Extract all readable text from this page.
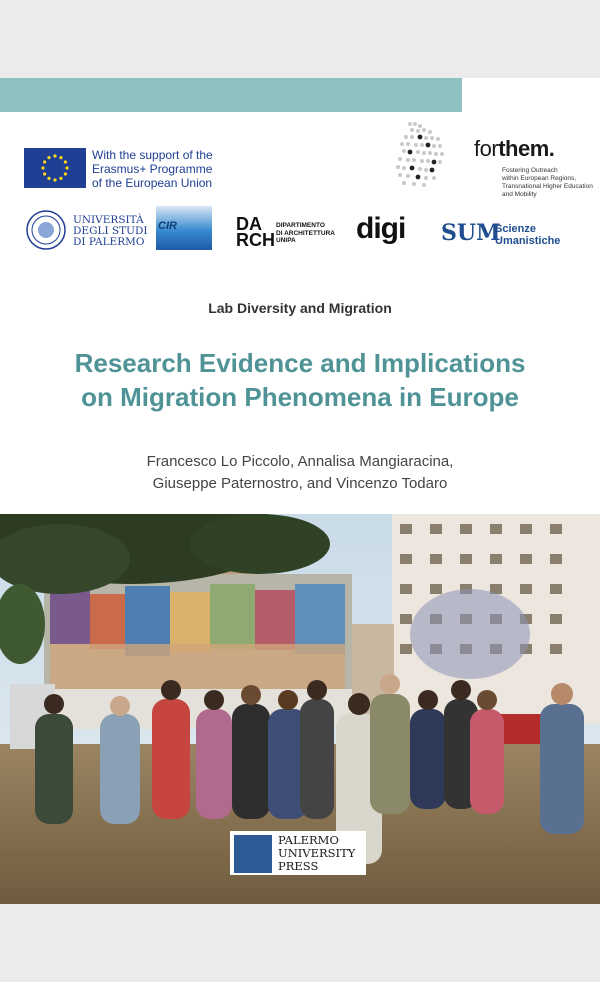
With the support of the
Erasmus+ Programme
of the European Union
forthem.
Fostering Outreach
within European Regions,
Transnational Higher Education
and Mobility
UNIVERSITÀ
DEGLI STUDI
DI PALERMO
CIR	DA RCH
DIPARTIMENTO
DI ARCHITETTURA
UNIPA	digi SUM
Scienze
Umanistiche
Lab Diversity and Migration
Research Evidence and Implications
on Migration Phenomena in Europe
Francesco Lo Piccolo, Annalisa Mangiaracina,
Giuseppe Paternostro, and Vincenzo Todaro
PALERMO
UNIVERSITY
PRESS
